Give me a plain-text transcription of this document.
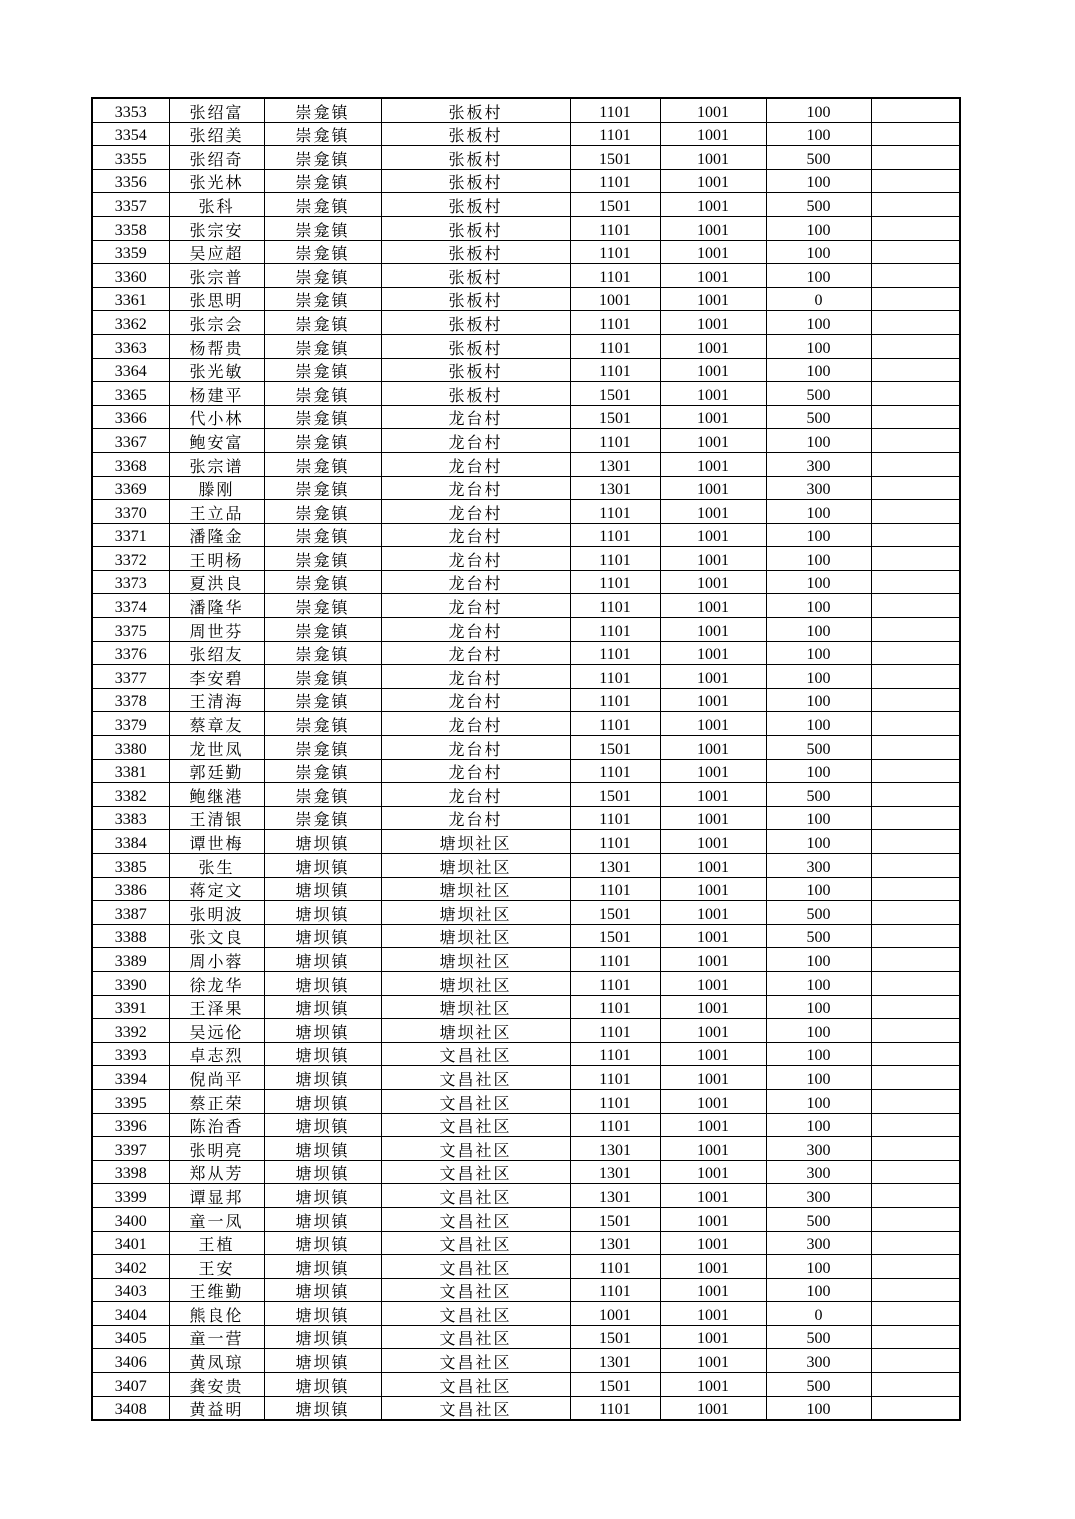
3353	张绍富	崇龛镇	张板村	1101	1001	100	
3354	张绍美	崇龛镇	张板村	1101	1001	100	
3355	张绍奇	崇龛镇	张板村	1501	1001	500	
3356	张光林	崇龛镇	张板村	1101	1001	100	
3357	张科	崇龛镇	张板村	1501	1001	500	
3358	张宗安	崇龛镇	张板村	1101	1001	100	
3359	吴应超	崇龛镇	张板村	1101	1001	100	
3360	张宗普	崇龛镇	张板村	1101	1001	100	
3361	张思明	崇龛镇	张板村	1001	1001	0	
3362	张宗会	崇龛镇	张板村	1101	1001	100	
3363	杨帮贵	崇龛镇	张板村	1101	1001	100	
3364	张光敏	崇龛镇	张板村	1101	1001	100	
3365	杨建平	崇龛镇	张板村	1501	1001	500	
3366	代小林	崇龛镇	龙台村	1501	1001	500	
3367	鲍安富	崇龛镇	龙台村	1101	1001	100	
3368	张宗谱	崇龛镇	龙台村	1301	1001	300	
3369	滕刚	崇龛镇	龙台村	1301	1001	300	
3370	王立品	崇龛镇	龙台村	1101	1001	100	
3371	潘隆金	崇龛镇	龙台村	1101	1001	100	
3372	王明杨	崇龛镇	龙台村	1101	1001	100	
3373	夏洪良	崇龛镇	龙台村	1101	1001	100	
3374	潘隆华	崇龛镇	龙台村	1101	1001	100	
3375	周世芬	崇龛镇	龙台村	1101	1001	100	
3376	张绍友	崇龛镇	龙台村	1101	1001	100	
3377	李安碧	崇龛镇	龙台村	1101	1001	100	
3378	王清海	崇龛镇	龙台村	1101	1001	100	
3379	蔡章友	崇龛镇	龙台村	1101	1001	100	
3380	龙世凤	崇龛镇	龙台村	1501	1001	500	
3381	郭廷勤	崇龛镇	龙台村	1101	1001	100	
3382	鲍继港	崇龛镇	龙台村	1501	1001	500	
3383	王清银	崇龛镇	龙台村	1101	1001	100	
3384	谭世梅	塘坝镇	塘坝社区	1101	1001	100	
3385	张生	塘坝镇	塘坝社区	1301	1001	300	
3386	蒋定文	塘坝镇	塘坝社区	1101	1001	100	
3387	张明波	塘坝镇	塘坝社区	1501	1001	500	
3388	张文良	塘坝镇	塘坝社区	1501	1001	500	
3389	周小蓉	塘坝镇	塘坝社区	1101	1001	100	
3390	徐龙华	塘坝镇	塘坝社区	1101	1001	100	
3391	王泽果	塘坝镇	塘坝社区	1101	1001	100	
3392	吴远伦	塘坝镇	塘坝社区	1101	1001	100	
3393	卓志烈	塘坝镇	文昌社区	1101	1001	100	
3394	倪尚平	塘坝镇	文昌社区	1101	1001	100	
3395	蔡正荣	塘坝镇	文昌社区	1101	1001	100	
3396	陈治香	塘坝镇	文昌社区	1101	1001	100	
3397	张明亮	塘坝镇	文昌社区	1301	1001	300	
3398	郑从芳	塘坝镇	文昌社区	1301	1001	300	
3399	谭显邦	塘坝镇	文昌社区	1301	1001	300	
3400	童一凤	塘坝镇	文昌社区	1501	1001	500	
3401	王植	塘坝镇	文昌社区	1301	1001	300	
3402	王安	塘坝镇	文昌社区	1101	1001	100	
3403	王维勤	塘坝镇	文昌社区	1101	1001	100	
3404	熊良伦	塘坝镇	文昌社区	1001	1001	0	
3405	童一营	塘坝镇	文昌社区	1501	1001	500	
3406	黄凤琼	塘坝镇	文昌社区	1301	1001	300	
3407	龚安贵	塘坝镇	文昌社区	1501	1001	500	
3408	黄益明	塘坝镇	文昌社区	1101	1001	100	
